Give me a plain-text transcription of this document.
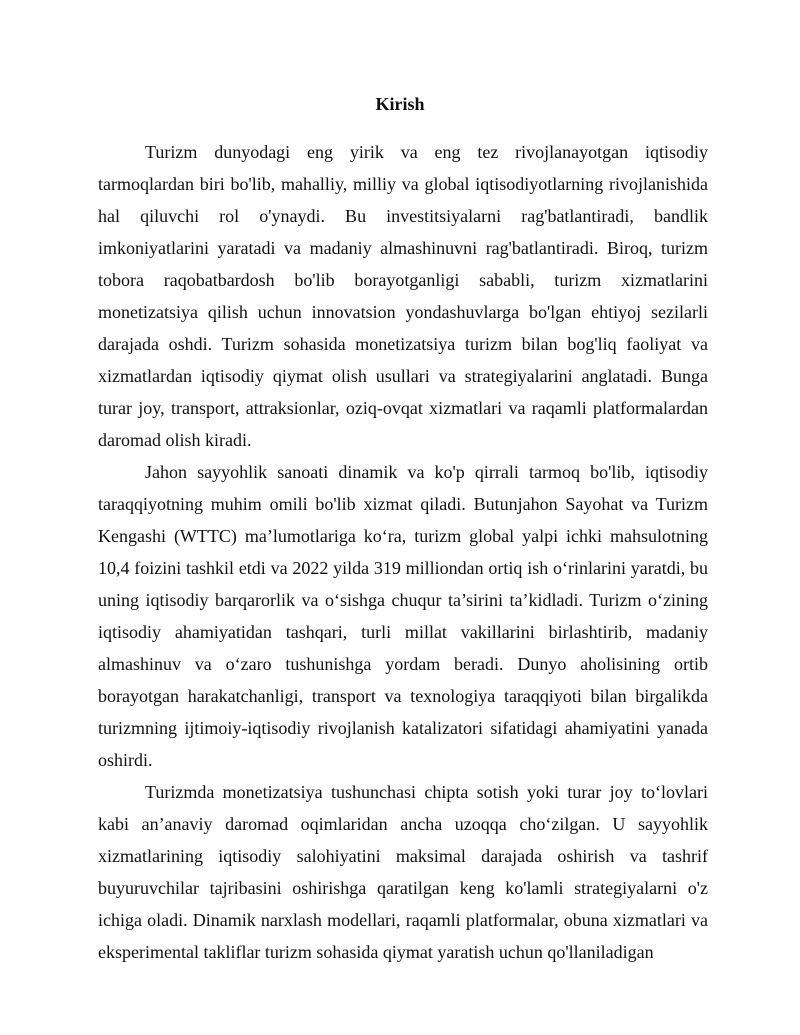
Kirish

Turizm dunyodagi eng yirik va eng tez rivojlanayotgan iqtisodiy tarmoqlardan biri bo'lib, mahalliy, milliy va global iqtisodiyotlarning rivojlanishida hal qiluvchi rol o'ynaydi. Bu investitsiyalarni rag'batlantiradi, bandlik imkoniyatlarini yaratadi va madaniy almashinuvni rag'batlantiradi. Biroq, turizm tobora raqobatbardosh bo'lib borayotganligi sababli, turizm xizmatlarini monetizatsiya qilish uchun innovatsion yondashuvlarga bo'lgan ehtiyoj sezilarli darajada oshdi. Turizm sohasida monetizatsiya turizm bilan bog'liq faoliyat va xizmatlardan iqtisodiy qiymat olish usullari va strategiyalarini anglatadi. Bunga turar joy, transport, attraksionlar, oziq-ovqat xizmatlari va raqamli platformalardan daromad olish kiradi.

Jahon sayyohlik sanoati dinamik va ko'p qirrali tarmoq bo'lib, iqtisodiy taraqqiyotning muhim omili bo'lib xizmat qiladi. Butunjahon Sayohat va Turizm Kengashi (WTTC) ma’lumotlariga ko‘ra, turizm global yalpi ichki mahsulotning 10,4 foizini tashkil etdi va 2022 yilda 319 milliondan ortiq ish o‘rinlarini yaratdi, bu uning iqtisodiy barqarorlik va o‘sishga chuqur ta’sirini ta’kidladi. Turizm o‘zining iqtisodiy ahamiyatidan tashqari, turli millat vakillarini birlashtirib, madaniy almashinuv va o‘zaro tushunishga yordam beradi. Dunyo aholisining ortib borayotgan harakatchanligi, transport va texnologiya taraqqiyoti bilan birgalikda turizmning ijtimoiy-iqtisodiy rivojlanish katalizatori sifatidagi ahamiyatini yanada oshirdi.

Turizmda monetizatsiya tushunchasi chipta sotish yoki turar joy to‘lovlari kabi an’anaviy daromad oqimlaridan ancha uzoqqa cho‘zilgan. U sayyohlik xizmatlarining iqtisodiy salohiyatini maksimal darajada oshirish va tashrif buyuruvchilar tajribasini oshirishga qaratilgan keng ko'lamli strategiyalarni o'z ichiga oladi. Dinamik narxlash modellari, raqamli platformalar, obuna xizmatlari va eksperimental takliflar turizm sohasida qiymat yaratish uchun qo'llaniladigan
